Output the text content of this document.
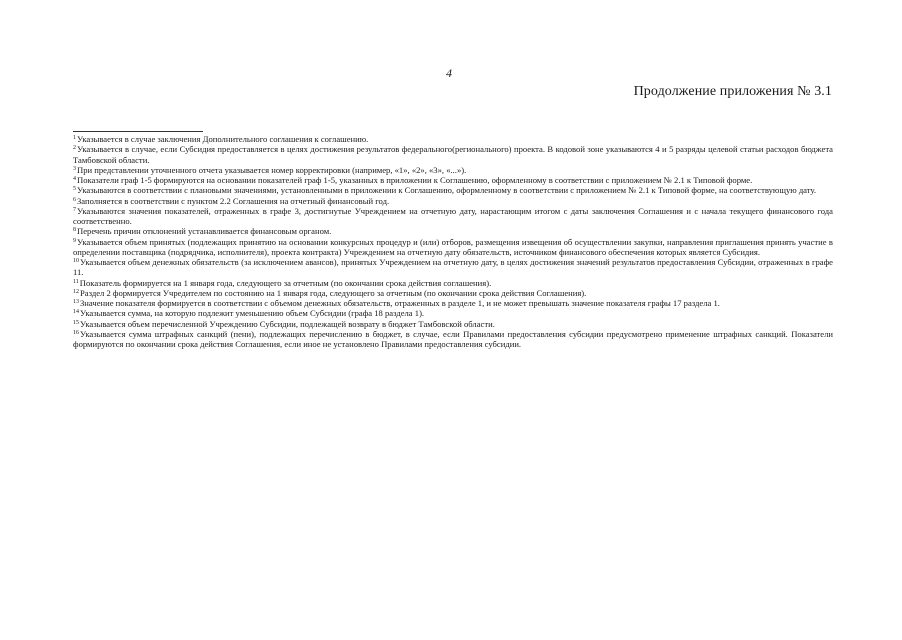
4
Продолжение приложения № 3.1

$^1$Указывается в случае заключения Дополнительного соглашения к соглашению.

$^2$Указывается в случае, если Субсидия предоставляется в целях достижения результатов федерального(регионального) проекта. В кодовой зоне указываются 4 и 5 разряды целевой статьи расходов бюджета Тамбовской области.

$^3$При представлении уточненного отчета указывается номер корректировки (например, «1», «2», «3», «...»).

$^4$Показатели граф 1-5 формируются на основании показателей граф 1-5, указанных в приложении к Соглашению, оформленному в соответствии с приложением № 2.1 к Типовой форме.

$^5$Указываются в соответствии с плановыми значениями, установленными в приложении к Соглашению, оформленному в соответствии с приложением № 2.1 к Типовой форме, на соответствующую дату.

$^6$Заполняется в соответствии с пунктом 2.2 Соглашения на отчетный финансовый год.

$^7$Указываются значения показателей, отраженных в графе 3, достигнутые Учреждением на отчетную дату, нарастающим итогом с даты заключения Соглашения и с начала текущего финансового года соответственно.

$^8$Перечень причин отклонений устанавливается финансовым органом.

$^9$Указывается объем принятых (подлежащих принятию на основании конкурсных процедур и (или) отборов, размещения извещения об осуществлении закупки, направления приглашения принять участие в определении поставщика (подрядчика, исполнителя), проекта контракта) Учреждением на отчетную дату обязательств, источником финансового обеспечения которых является Субсидия.

$^{10}$Указывается объем денежных обязательств (за исключением авансов), принятых Учреждением на отчетную дату, в целях достижения значений результатов предоставления Субсидии, отраженных в графе 11.

$^{11}$Показатель формируется на 1 января года, следующего за отчетным (по окончании срока действия соглашения).

$^{12}$Раздел 2 формируется Учредителем по состоянию на 1 января года, следующего за отчетным (по окончании срока действия Соглашения).

$^{13}$Значение показателя формируется в соответствии с объемом денежных обязательств, отраженных в разделе 1, и не может превышать значение показателя графы 17 раздела 1.

$^{14}$Указывается сумма, на которую подлежит уменьшению объем Субсидии (графа 18 раздела 1).

$^{15}$Указывается объем перечисленной Учреждению Субсидии, подлежащей возврату в бюджет Тамбовской области.

$^{16}$Указывается сумма штрафных санкций (пени), подлежащих перечислению в бюджет, в случае, если Правилами предоставления субсидии предусмотрено применение штрафных санкций. Показатели формируются по окончании срока действия Соглашения, если иное не установлено Правилами предоставления субсидии.
